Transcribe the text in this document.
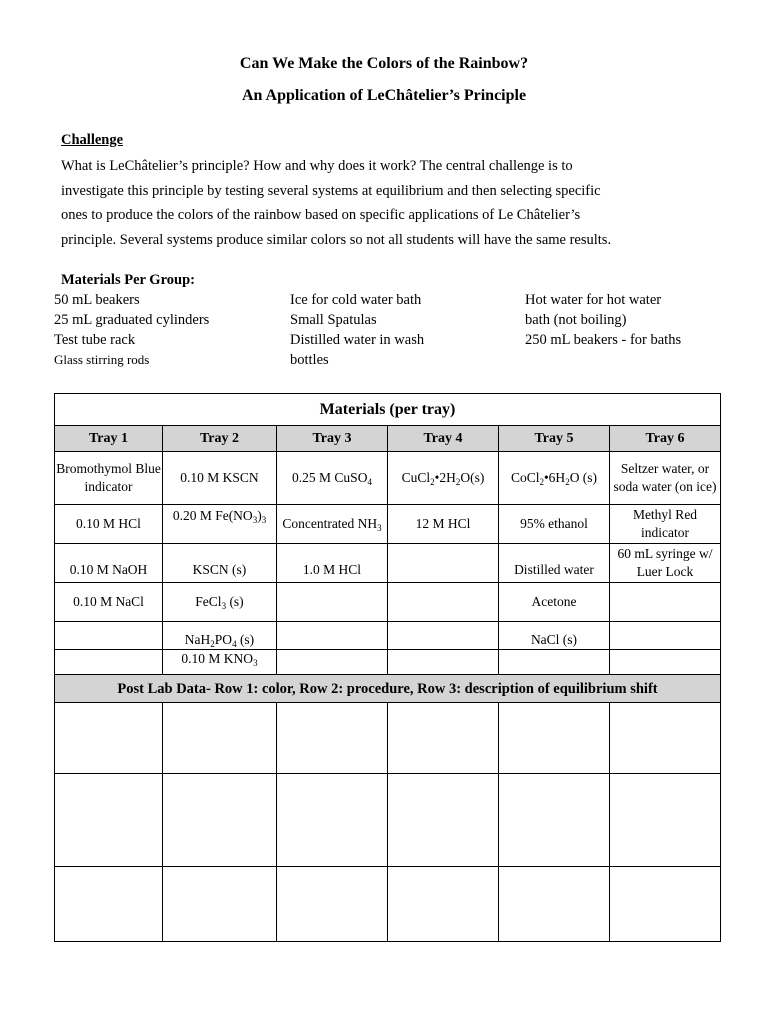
Can We Make the Colors of the Rainbow?
An Application of LeChâtelier’s Principle
Challenge
What is LeChâtelier’s principle? How and why does it work? The central challenge is to
investigate this principle by testing several systems at equilibrium and then selecting specific
ones to produce the colors of the rainbow based on specific applications of Le Châtelier’s
principle. Several systems produce similar colors so not all students will have the same results.
Materials Per Group:
50 mL beakers
25 mL graduated cylinders
Test tube rack
Glass stirring rods
Ice for cold water bath
Small Spatulas
Distilled water in wash
bottles
Hot water for hot water
bath (not boiling)
250 mL beakers - for baths
Materials (per tray)					
Tray 1	Tray 2	Tray 3	Tray 4	Tray 5	Tray 6
Bromothymol Blue indicator	0.10 M KSCN	0.25 M CuSO$_4$	$CuCl_2•2H_2O(s)$	$CoCl_2•6H_2O$ (s)	Seltzer water, or soda water (on ice)
0.10 M HCl	0.20 M $Fe(NO_3)_3$	Concentrated $NH_3$	12 M HCl	95% ethanol	Methyl Red indicator
0.10 M NaOH	KSCN (s)	1.0 M HCl		Distilled water	60 mL syringe w/ Luer Lock
0.10 M NaCl	FeCl$_3$ (s)			Acetone	
	$NaH_2PO_4$ (s)			NaCl (s)	
	0.10 M $KNO_3$				
Post Lab Data- Row 1: color, Row 2: procedure, Row 3: description of equilibrium shift					
